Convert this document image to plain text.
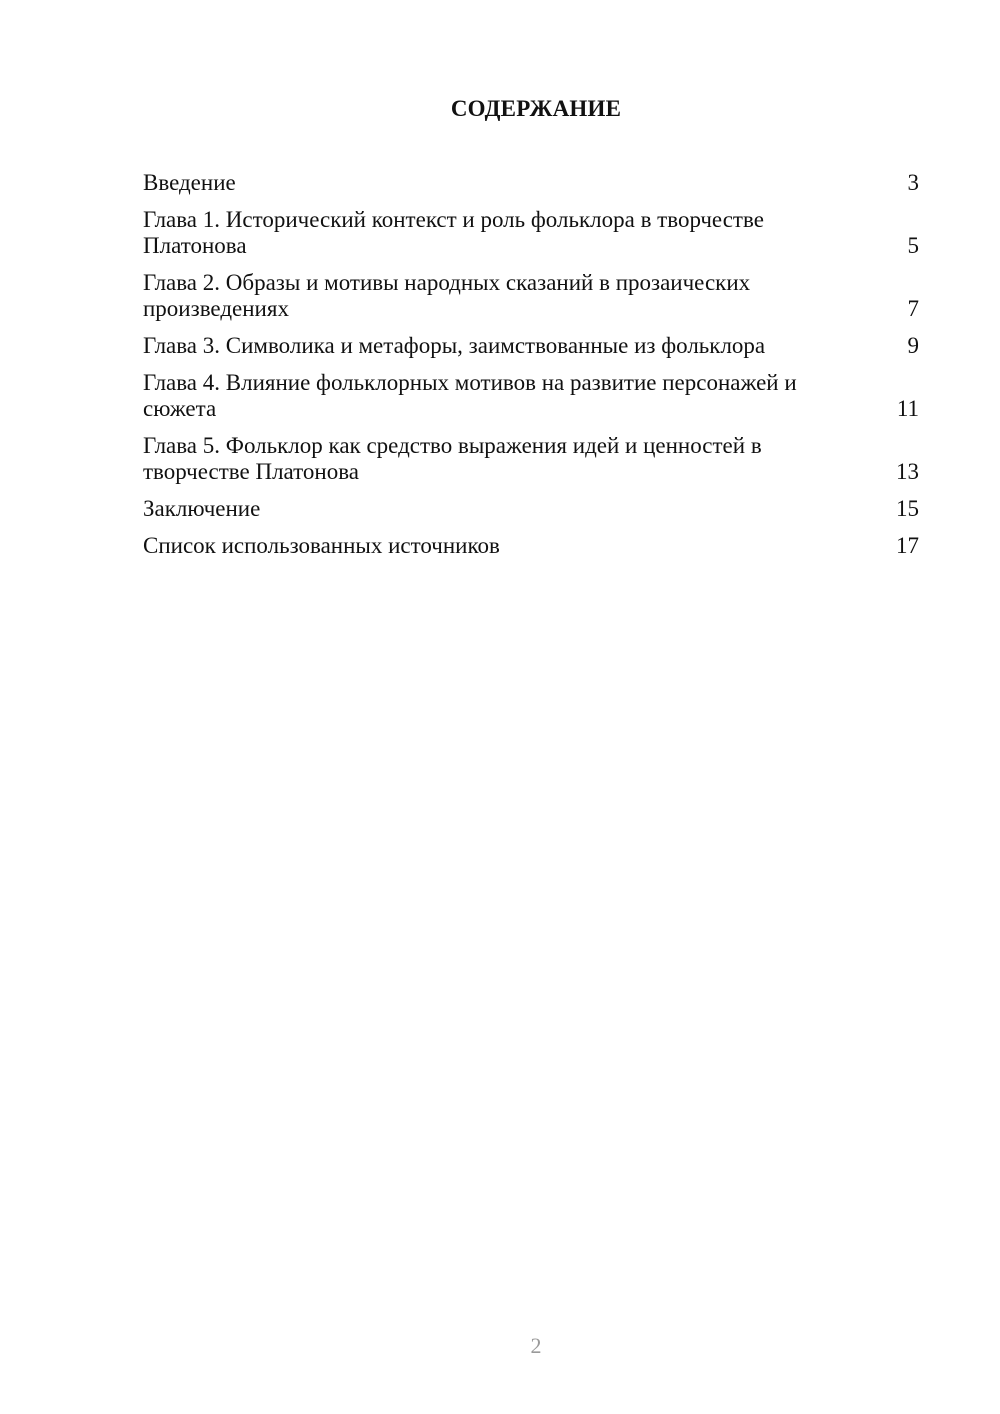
СОДЕРЖАНИЕ
Введение	3
Глава 1. Исторический контекст и роль фольклора в творчестве Платонова	5
Глава 2. Образы и мотивы народных сказаний в прозаических произведениях	7
Глава 3. Символика и метафоры, заимствованные из фольклора	9
Глава 4. Влияние фольклорных мотивов на развитие персонажей и сюжета	11
Глава 5. Фольклор как средство выражения идей и ценностей в творчестве Платонова	13
Заключение	15
Список использованных источников	17
2
